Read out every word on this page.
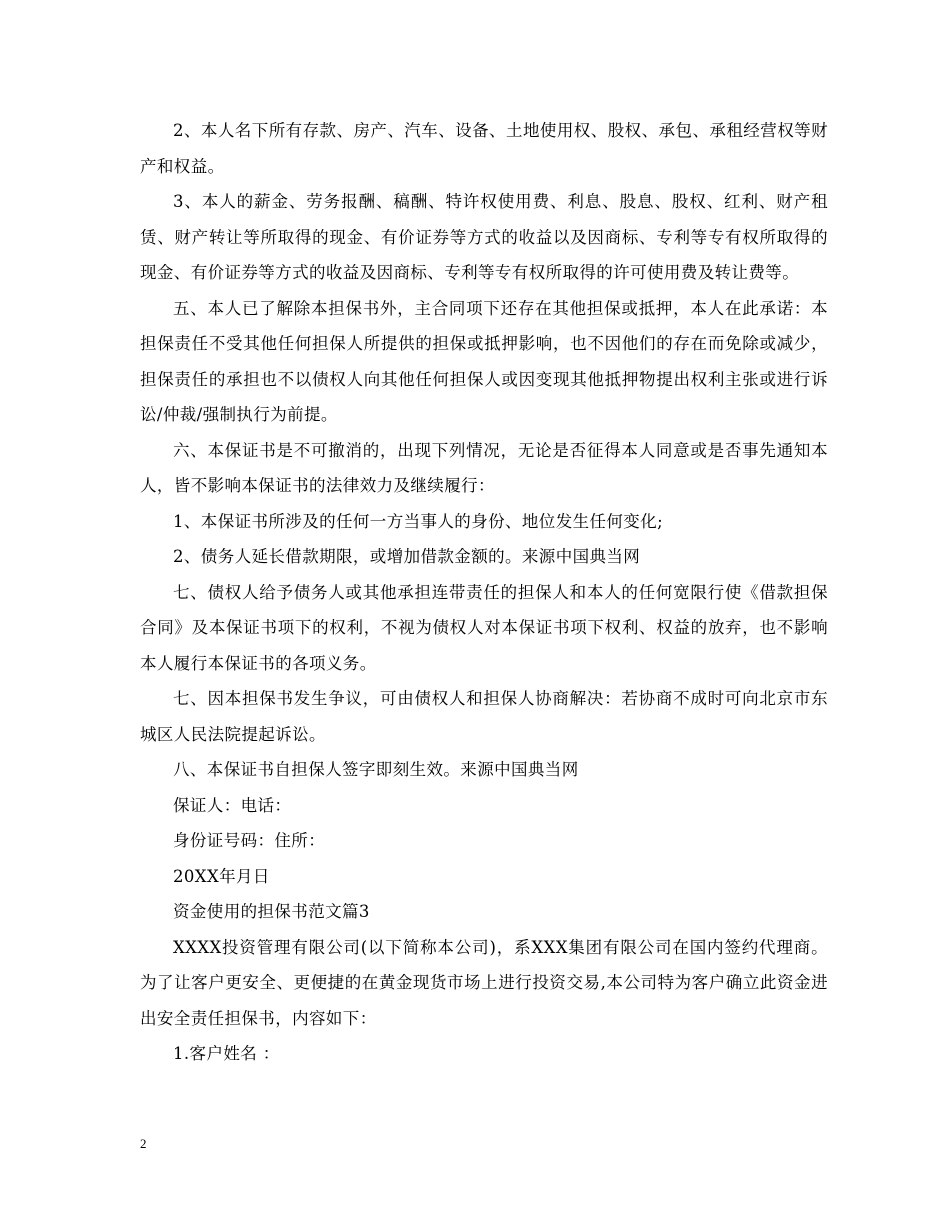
2、本人名下所有存款、房产、汽车、设备、土地使用权、股权、承包、承租经营权等财产和权益。

3、本人的薪金、劳务报酬、稿酬、特许权使用费、利息、股息、股权、红利、财产租赁、财产转让等所取得的现金、有价证券等方式的收益以及因商标、专利等专有权所取得的现金、有价证券等方式的收益及因商标、专利等专有权所取得的许可使用费及转让费等。

五、本人已了解除本担保书外，主合同项下还存在其他担保或抵押，本人在此承诺：本担保责任不受其他任何担保人所提供的担保或抵押影响，也不因他们的存在而免除或减少，担保责任的承担也不以债权人向其他任何担保人或因变现其他抵押物提出权利主张或进行诉讼/仲裁/强制执行为前提。

六、本保证书是不可撤消的，出现下列情况，无论是否征得本人同意或是否事先通知本人，皆不影响本保证书的法律效力及继续履行：

1、本保证书所涉及的任何一方当事人的身份、地位发生任何变化;

2、债务人延长借款期限，或增加借款金额的。来源中国典当网

七、债权人给予债务人或其他承担连带责任的担保人和本人的任何宽限行使《借款担保合同》及本保证书项下的权利，不视为债权人对本保证书项下权利、权益的放弃，也不影响本人履行本保证书的各项义务。

七、因本担保书发生争议，可由债权人和担保人协商解决：若协商不成时可向北京市东城区人民法院提起诉讼。

八、本保证书自担保人签字即刻生效。来源中国典当网

保证人：电话：

身份证号码：住所：

20XX年月日

资金使用的担保书范文篇3

XXXX投资管理有限公司(以下简称本公司)，系XXX集团有限公司在国内签约代理商。为了让客户更安全、更便捷的在黄金现货市场上进行投资交易,本公司特为客户确立此资金进出安全责任担保书，内容如下：

1.客户姓名 ：

2
